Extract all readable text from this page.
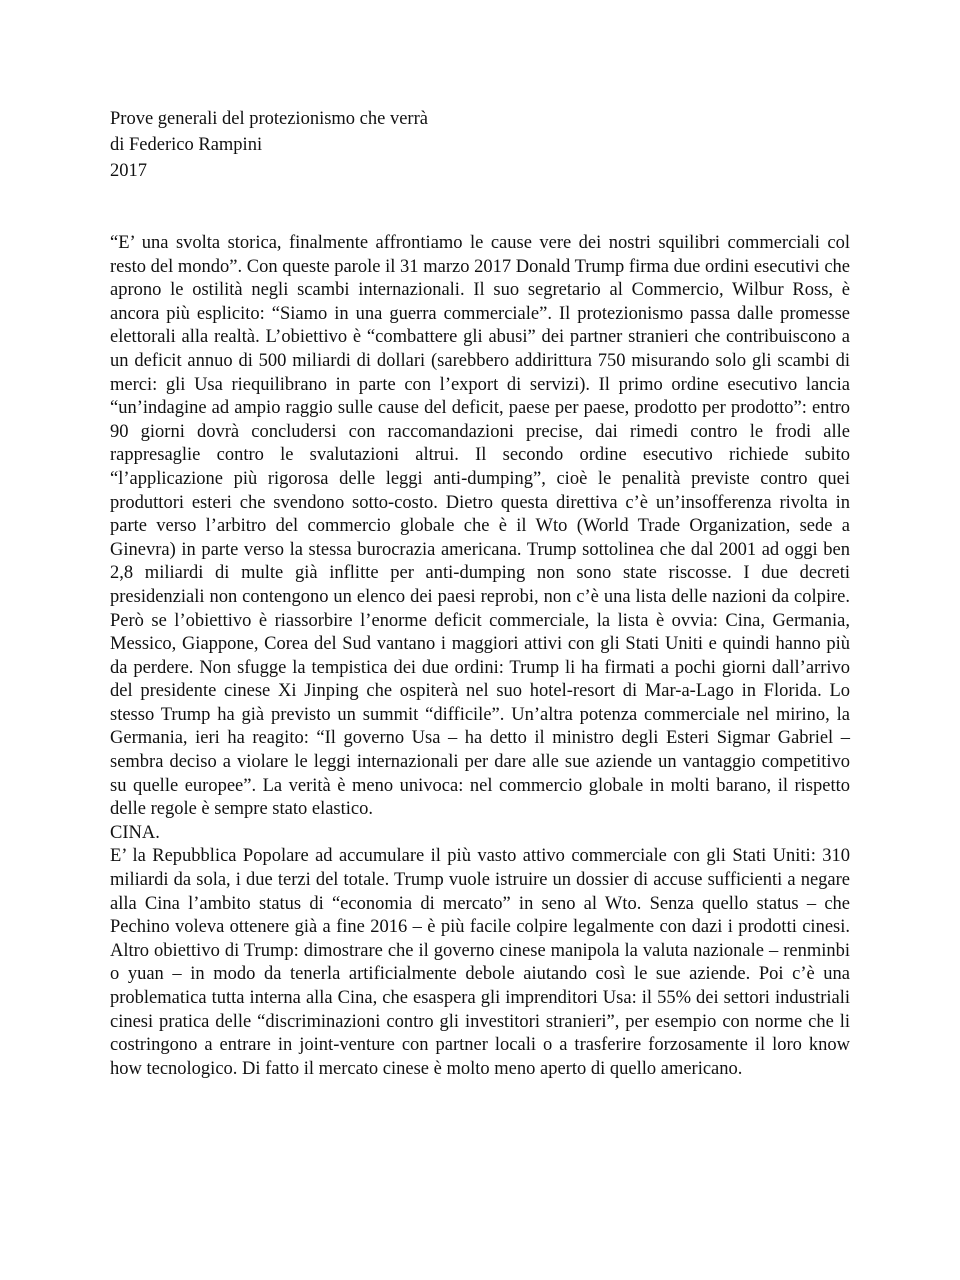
Prove generali del protezionismo che verrà
di Federico Rampini
2017

“E’ una svolta storica, finalmente affrontiamo le cause vere dei nostri squilibri commerciali col resto del mondo”. Con queste parole il 31 marzo 2017 Donald Trump firma due ordini esecutivi che aprono le ostilità negli scambi internazionali. Il suo segretario al Commercio, Wilbur Ross, è ancora più esplicito: “Siamo in una guerra commerciale”. Il protezionismo passa dalle promesse elettorali alla realtà. L’obiettivo è “combattere gli abusi” dei partner stranieri che contribuiscono a un deficit annuo di 500 miliardi di dollari (sarebbero addirittura 750 misurando solo gli scambi di merci: gli Usa riequilibrano in parte con l’export di servizi). Il primo ordine esecutivo lancia “un’indagine ad ampio raggio sulle cause del deficit, paese per paese, prodotto per prodotto”: entro 90 giorni dovrà concludersi con raccomandazioni precise, dai rimedi contro le frodi alle rappresaglie contro le svalutazioni altrui. Il secondo ordine esecutivo richiede subito “l’applicazione più rigorosa delle leggi anti-dumping”, cioè le penalità previste contro quei produttori esteri che svendono sotto-costo. Dietro questa direttiva c’è un’insofferenza rivolta in parte verso l’arbitro del commercio globale che è il Wto (World Trade Organization, sede a Ginevra) in parte verso la stessa burocrazia americana. Trump sottolinea che dal 2001 ad oggi ben 2,8 miliardi di multe già inflitte per anti-dumping non sono state riscosse. I due decreti presidenziali non contengono un elenco dei paesi reprobi, non c’è una lista delle nazioni da colpire. Però se l’obiettivo è riassorbire l’enorme deficit commerciale, la lista è ovvia: Cina, Germania, Messico, Giappone, Corea del Sud vantano i maggiori attivi con gli Stati Uniti e quindi hanno più da perdere. Non sfugge la tempistica dei due ordini: Trump li ha firmati a pochi giorni dall’arrivo del presidente cinese Xi Jinping che ospiterà nel suo hotel-resort di Mar-a-Lago in Florida. Lo stesso Trump ha già previsto un summit “difficile”. Un’altra potenza commerciale nel mirino, la Germania, ieri ha reagito: “Il governo Usa – ha detto il ministro degli Esteri Sigmar Gabriel – sembra deciso a violare le leggi internazionali per dare alle sue aziende un vantaggio competitivo su quelle europee”. La verità è meno univoca: nel commercio globale in molti barano, il rispetto delle regole è sempre stato elastico.

CINA.

E’ la Repubblica Popolare ad accumulare il più vasto attivo commerciale con gli Stati Uniti: 310 miliardi da sola, i due terzi del totale. Trump vuole istruire un dossier di accuse sufficienti a negare alla Cina l’ambito status di “economia di mercato” in seno al Wto. Senza quello status – che Pechino voleva ottenere già a fine 2016 – è più facile colpire legalmente con dazi i prodotti cinesi. Altro obiettivo di Trump: dimostrare che il governo cinese manipola la valuta nazionale – renminbi o yuan – in modo da tenerla artificialmente debole aiutando così le sue aziende. Poi c’è una problematica tutta interna alla Cina, che esaspera gli imprenditori Usa: il 55% dei settori industriali cinesi pratica delle “discriminazioni contro gli investitori stranieri”, per esempio con norme che li costringono a entrare in joint-venture con partner locali o a trasferire forzosamente il loro know how tecnologico. Di fatto il mercato cinese è molto meno aperto di quello americano.
